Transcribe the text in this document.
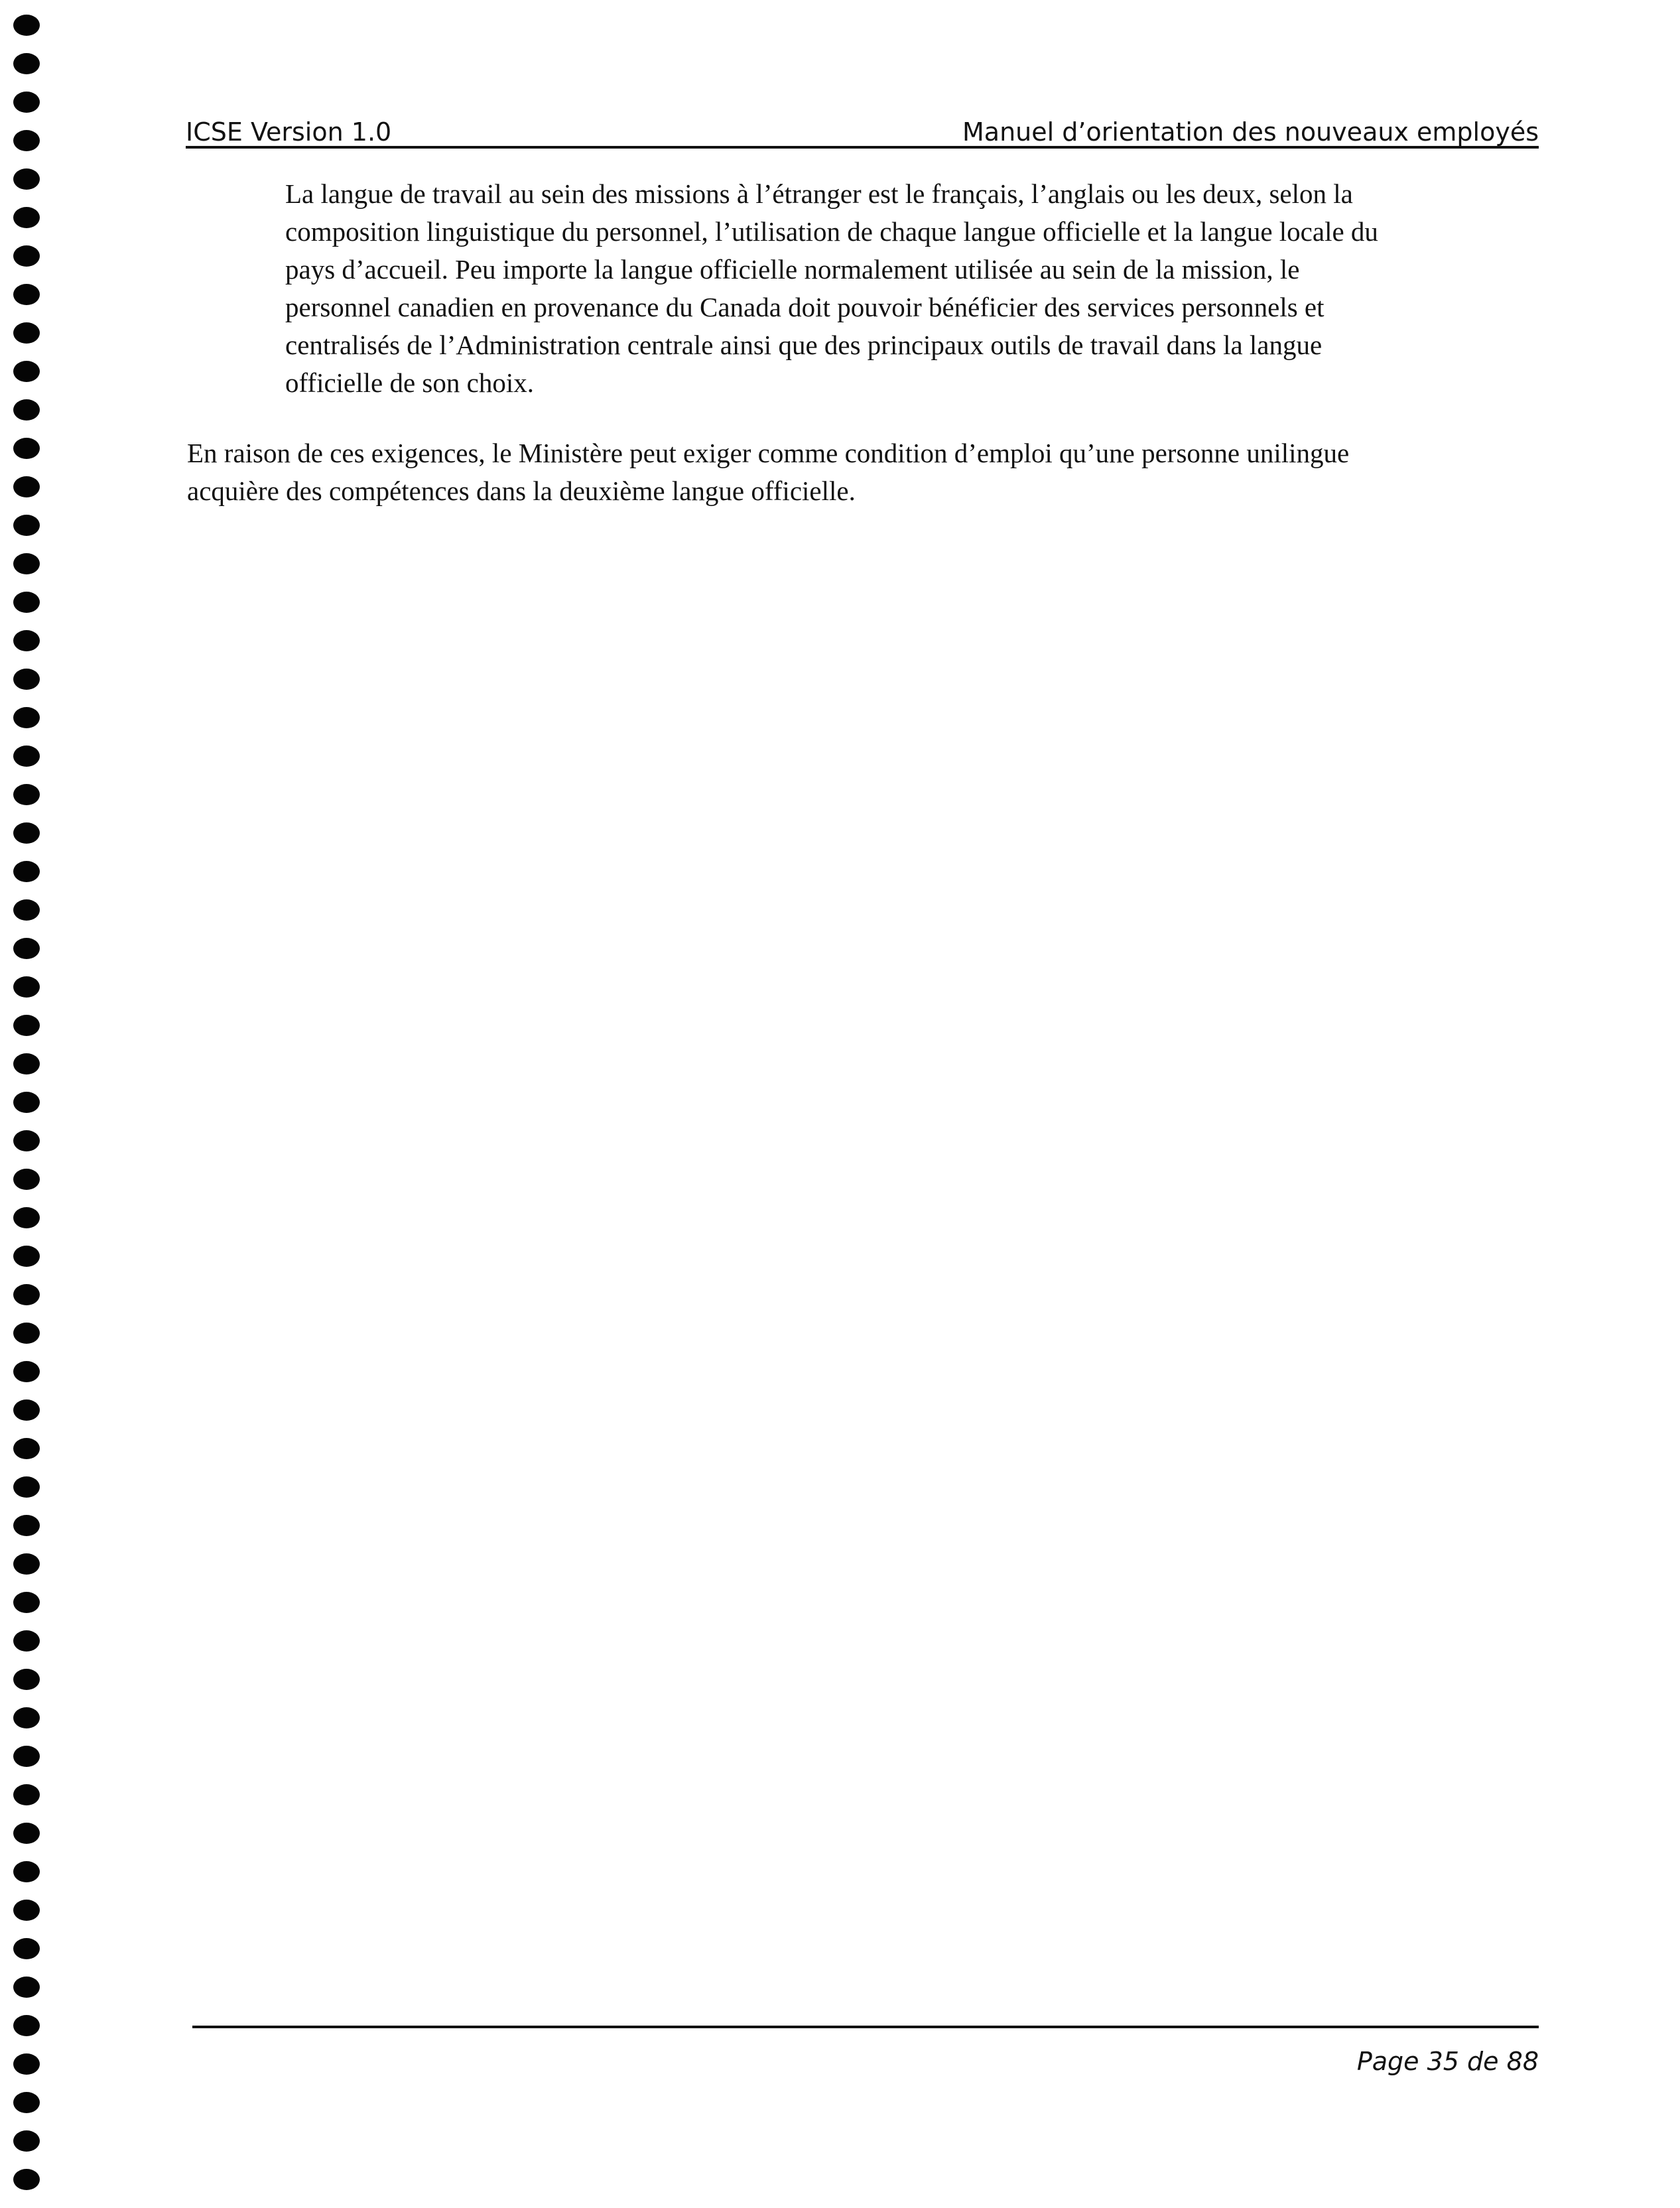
ICSE Version 1.0	Manuel d’orientation des nouveaux employés

La langue de travail au sein des missions à l’étranger est le français, l’anglais ou les deux, selon la
composition linguistique du personnel, l’utilisation de chaque langue officielle et la langue locale du
pays d’accueil. Peu importe la langue officielle normalement utilisée au sein de la mission, le
personnel canadien en provenance du Canada doit pouvoir bénéficier des services personnels et
centralisés de l’Administration centrale ainsi que des principaux outils de travail dans la langue
officielle de son choix.

En raison de ces exigences, le Ministère peut exiger comme condition d’emploi qu’une personne unilingue
acquière des compétences dans la deuxième langue officielle.

Page 35 de 88
